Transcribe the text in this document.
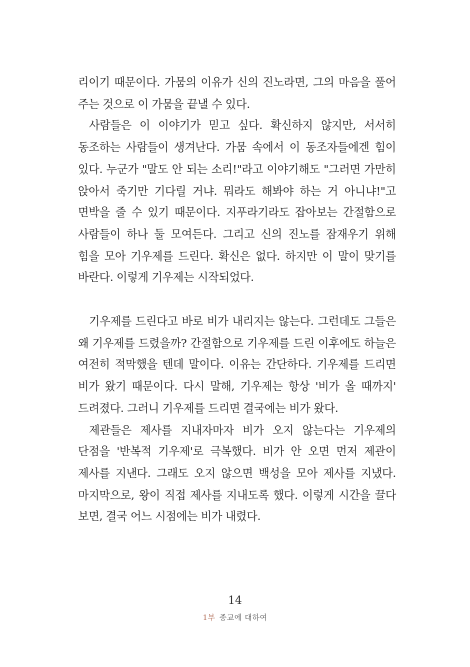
리이기 때문이다. 가뭄의 이유가 신의 진노라면, 그의 마음을 풀어 주는 것으로 이 가뭄을 끝낼 수 있다.

사람들은 이 이야기가 믿고 싶다. 확신하지 않지만, 서서히 동조하는 사람들이 생겨난다. 가뭄 속에서 이 동조자들에겐 힘이 있다. 누군가 "말도 안 되는 소리!"라고 이야기해도 "그러면 가만히 앉아서 죽기만 기다릴 거냐. 뭐라도 해봐야 하는 거 아니냐!"고 면박을 줄 수 있기 때문이다. 지푸라기라도 잡아보는 간절함으로 사람들이 하나 둘 모여든다. 그리고 신의 진노를 잠재우기 위해 힘을 모아 기우제를 드린다. 확신은 없다. 하지만 이 말이 맞기를 바란다. 이렇게 기우제는 시작되었다.

기우제를 드린다고 바로 비가 내리지는 않는다. 그런데도 그들은 왜 기우제를 드렸을까? 간절함으로 기우제를 드린 이후에도 하늘은 여전히 적막했을 텐데 말이다. 이유는 간단하다. 기우제를 드리면 비가 왔기 때문이다. 다시 말해, 기우제는 항상 '비가 올 때까지' 드려졌다. 그러니 기우제를 드리면 결국에는 비가 왔다.

제관들은 제사를 지내자마자 비가 오지 않는다는 기우제의 단점을 '반복적 기우제'로 극복했다. 비가 안 오면 먼저 제관이 제사를 지낸다. 그래도 오지 않으면 백성을 모아 제사를 지냈다. 마지막으로, 왕이 직접 제사를 지내도록 했다. 이렇게 시간을 끌다 보면, 결국 어느 시점에는 비가 내렸다.

14
1부 종교에 대하여
